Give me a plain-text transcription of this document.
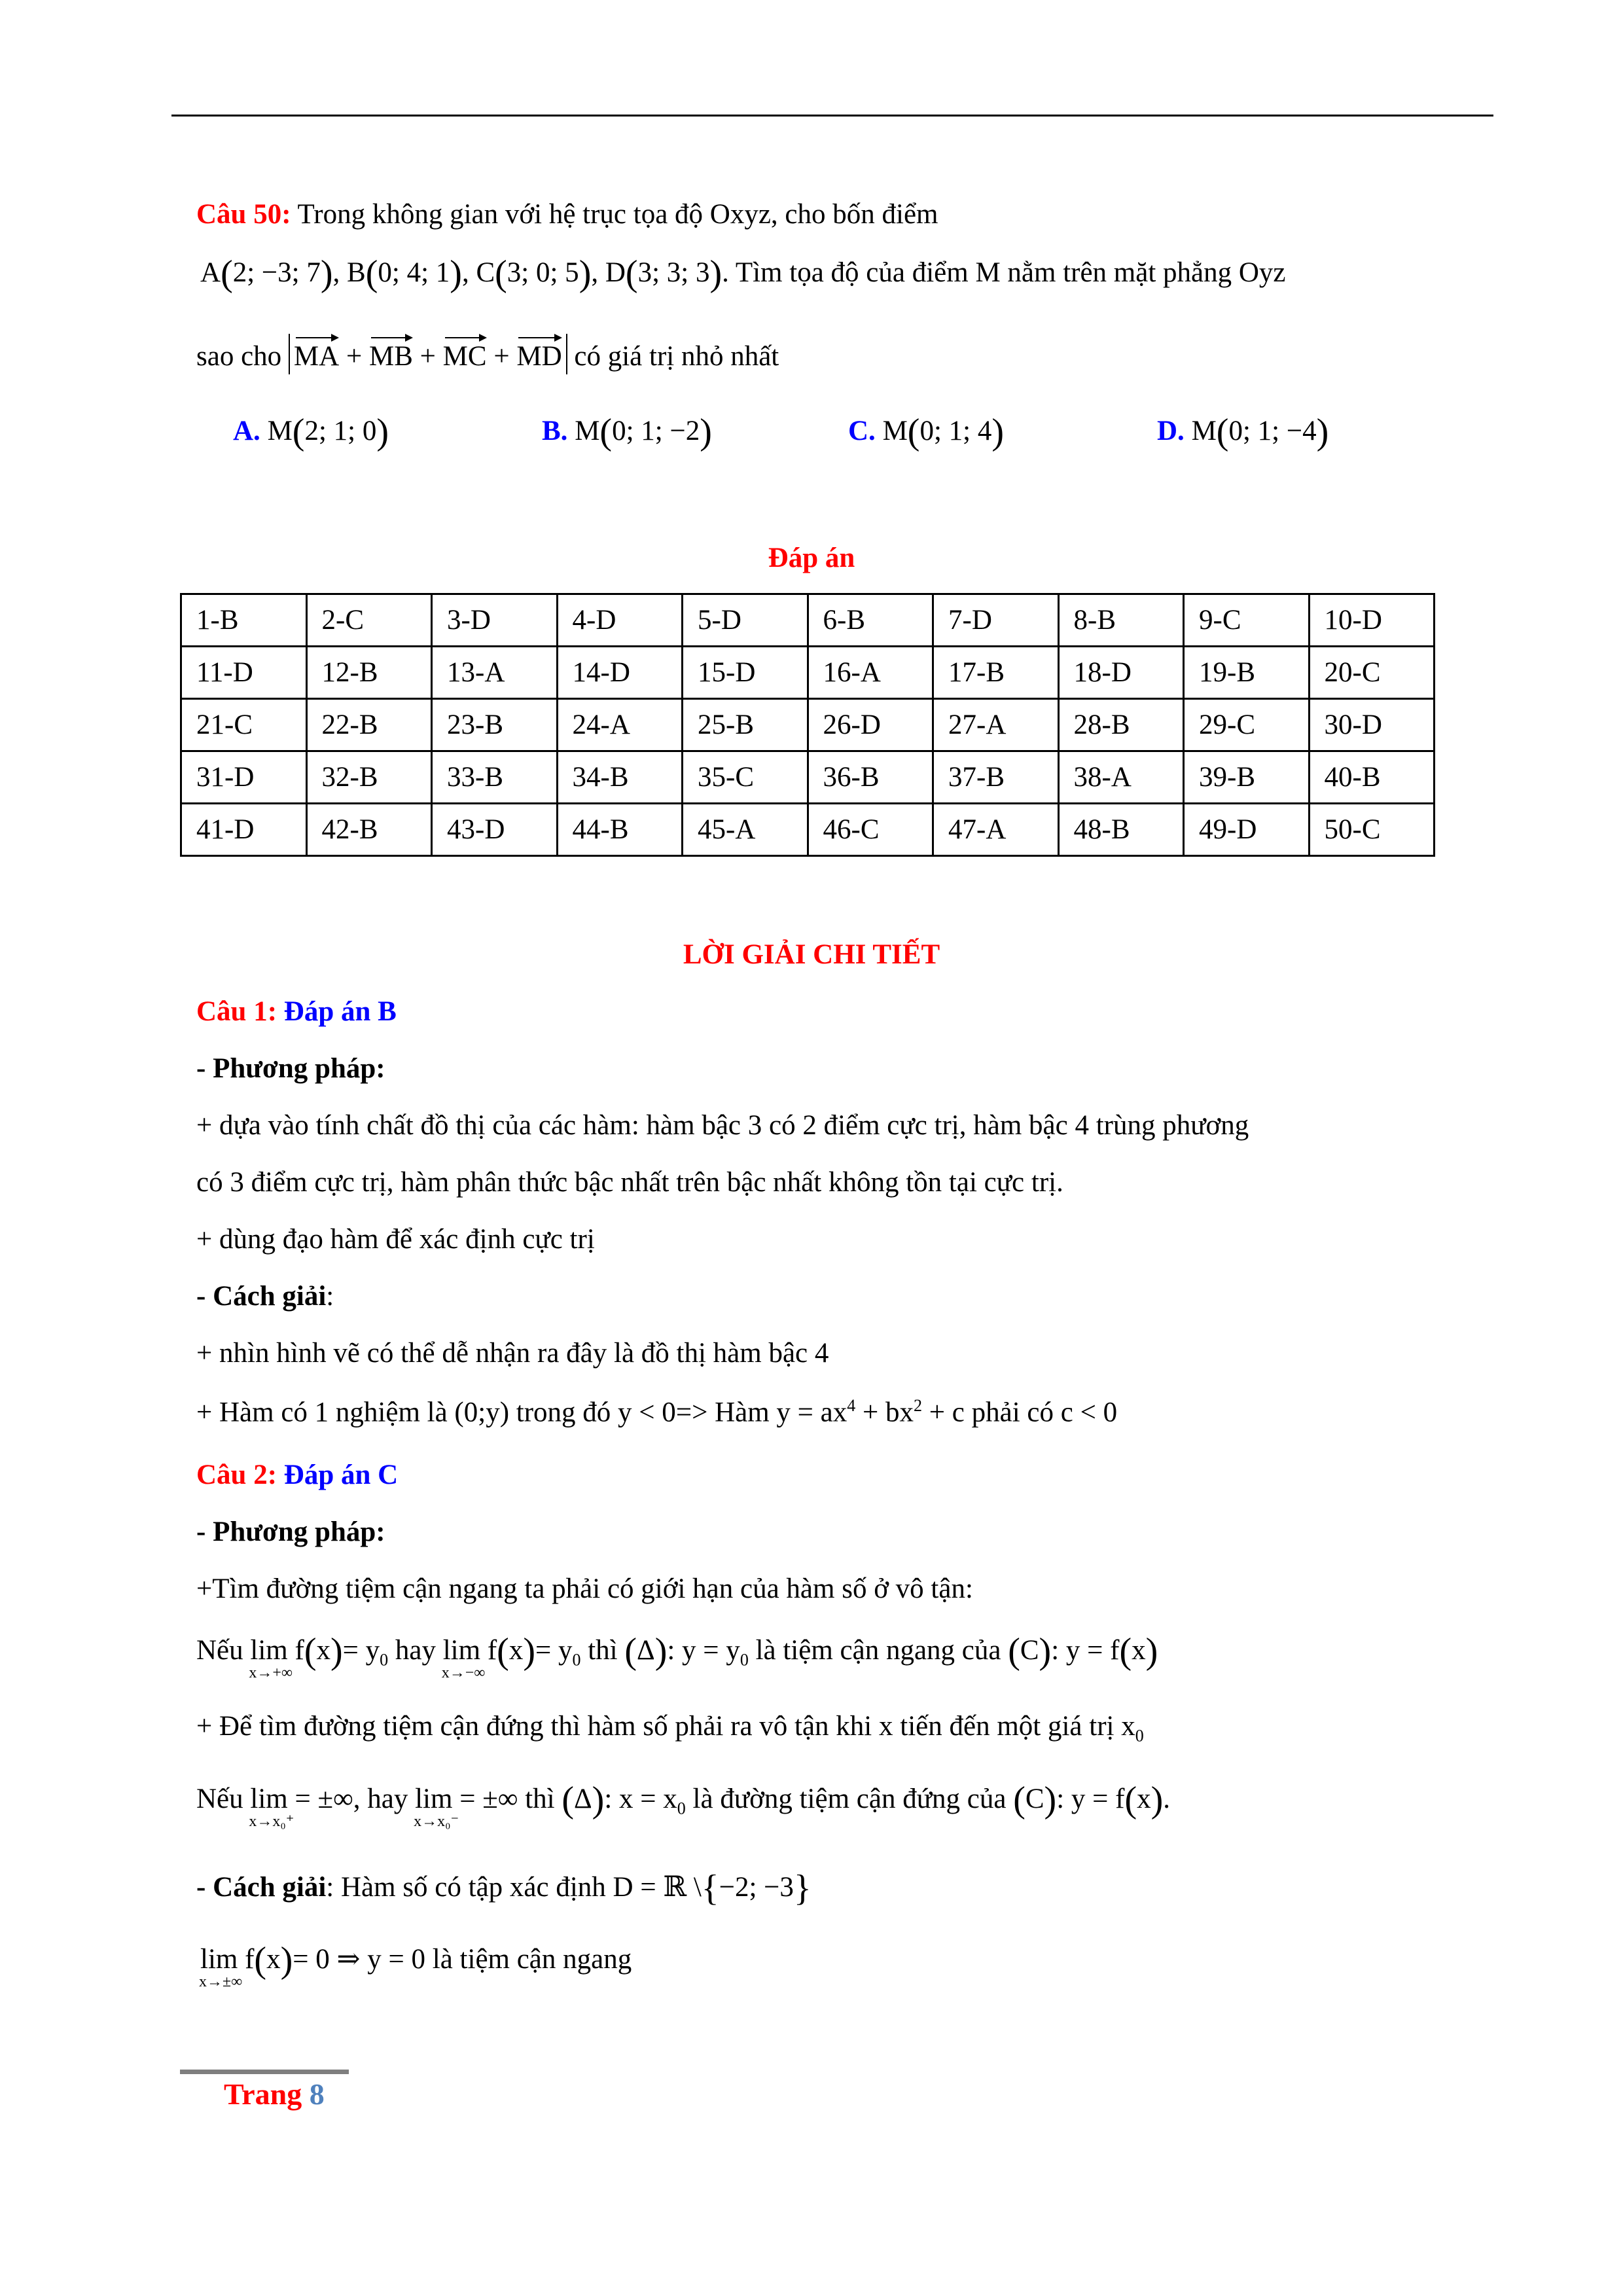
Câu 50: Trong không gian với hệ trục tọa độ Oxyz, cho bốn điểm
A(2; −3; 7), B(0; 4; 1), C(3; 0; 5), D(3; 3; 3). Tìm tọa độ của điểm M nằm trên mặt phẳng Oyz
sao cho MA + MB + MC + MD có giá trị nhỏ nhất
A. M(2; 1; 0)	B. M(0; 1; −2)	C. M(0; 1; 4)	D. M(0; 1; −4)
Đáp án
1-B	2-C	3-D	4-D	5-D	6-B	7-D	8-B	9-C	10-D
11-D	12-B	13-A	14-D	15-D	16-A	17-B	18-D	19-B	20-C
21-C	22-B	23-B	24-A	25-B	26-D	27-A	28-B	29-C	30-D
31-D	32-B	33-B	34-B	35-C	36-B	37-B	38-A	39-B	40-B
41-D	42-B	43-D	44-B	45-A	46-C	47-A	48-B	49-D	50-C
LỜI GIẢI CHI TIẾT
Câu 1: Đáp án B
- Phương pháp:
+ dựa vào tính chất đồ thị của các hàm: hàm bậc 3 có 2 điểm cực trị, hàm bậc 4 trùng phương
có 3 điểm cực trị, hàm phân thức bậc nhất trên bậc nhất không tồn tại cực trị.
+ dùng đạo hàm để xác định cực trị
- Cách giải:
+ nhìn hình vẽ có thể dễ nhận ra đây là đồ thị hàm bậc 4
+ Hàm có 1 nghiệm là (0;y) trong đó y < 0=> Hàm $y = ax^4 + bx^2 + c$ phải có c < 0
Câu 2: Đáp án C
- Phương pháp:
+Tìm đường tiệm cận ngang ta phải có giới hạn của hàm số ở vô tận:
Nếu lim
x→+∞
$f(x)= y_0$ hay lim
x→−∞
$f(x)= y_0$ thì (Δ): $y = y_0$ là tiệm cận ngang của (C): y = f(x)
+ Để tìm đường tiệm cận đứng thì hàm số phải ra vô tận khi x tiến đến một giá trị $x_0$
Nếu lim
x→x₀⁺
= ±∞, hay lim
x→x₀⁻
= ±∞ thì (Δ): $x = x_0$ là đường tiệm cận đứng của (C): y = f(x).
- Cách giải: Hàm số có tập xác định D = ℝ \{−2; −3}
lim
x→±∞
f(x)= 0 ⇒ y = 0 là tiệm cận ngang
Trang 8
